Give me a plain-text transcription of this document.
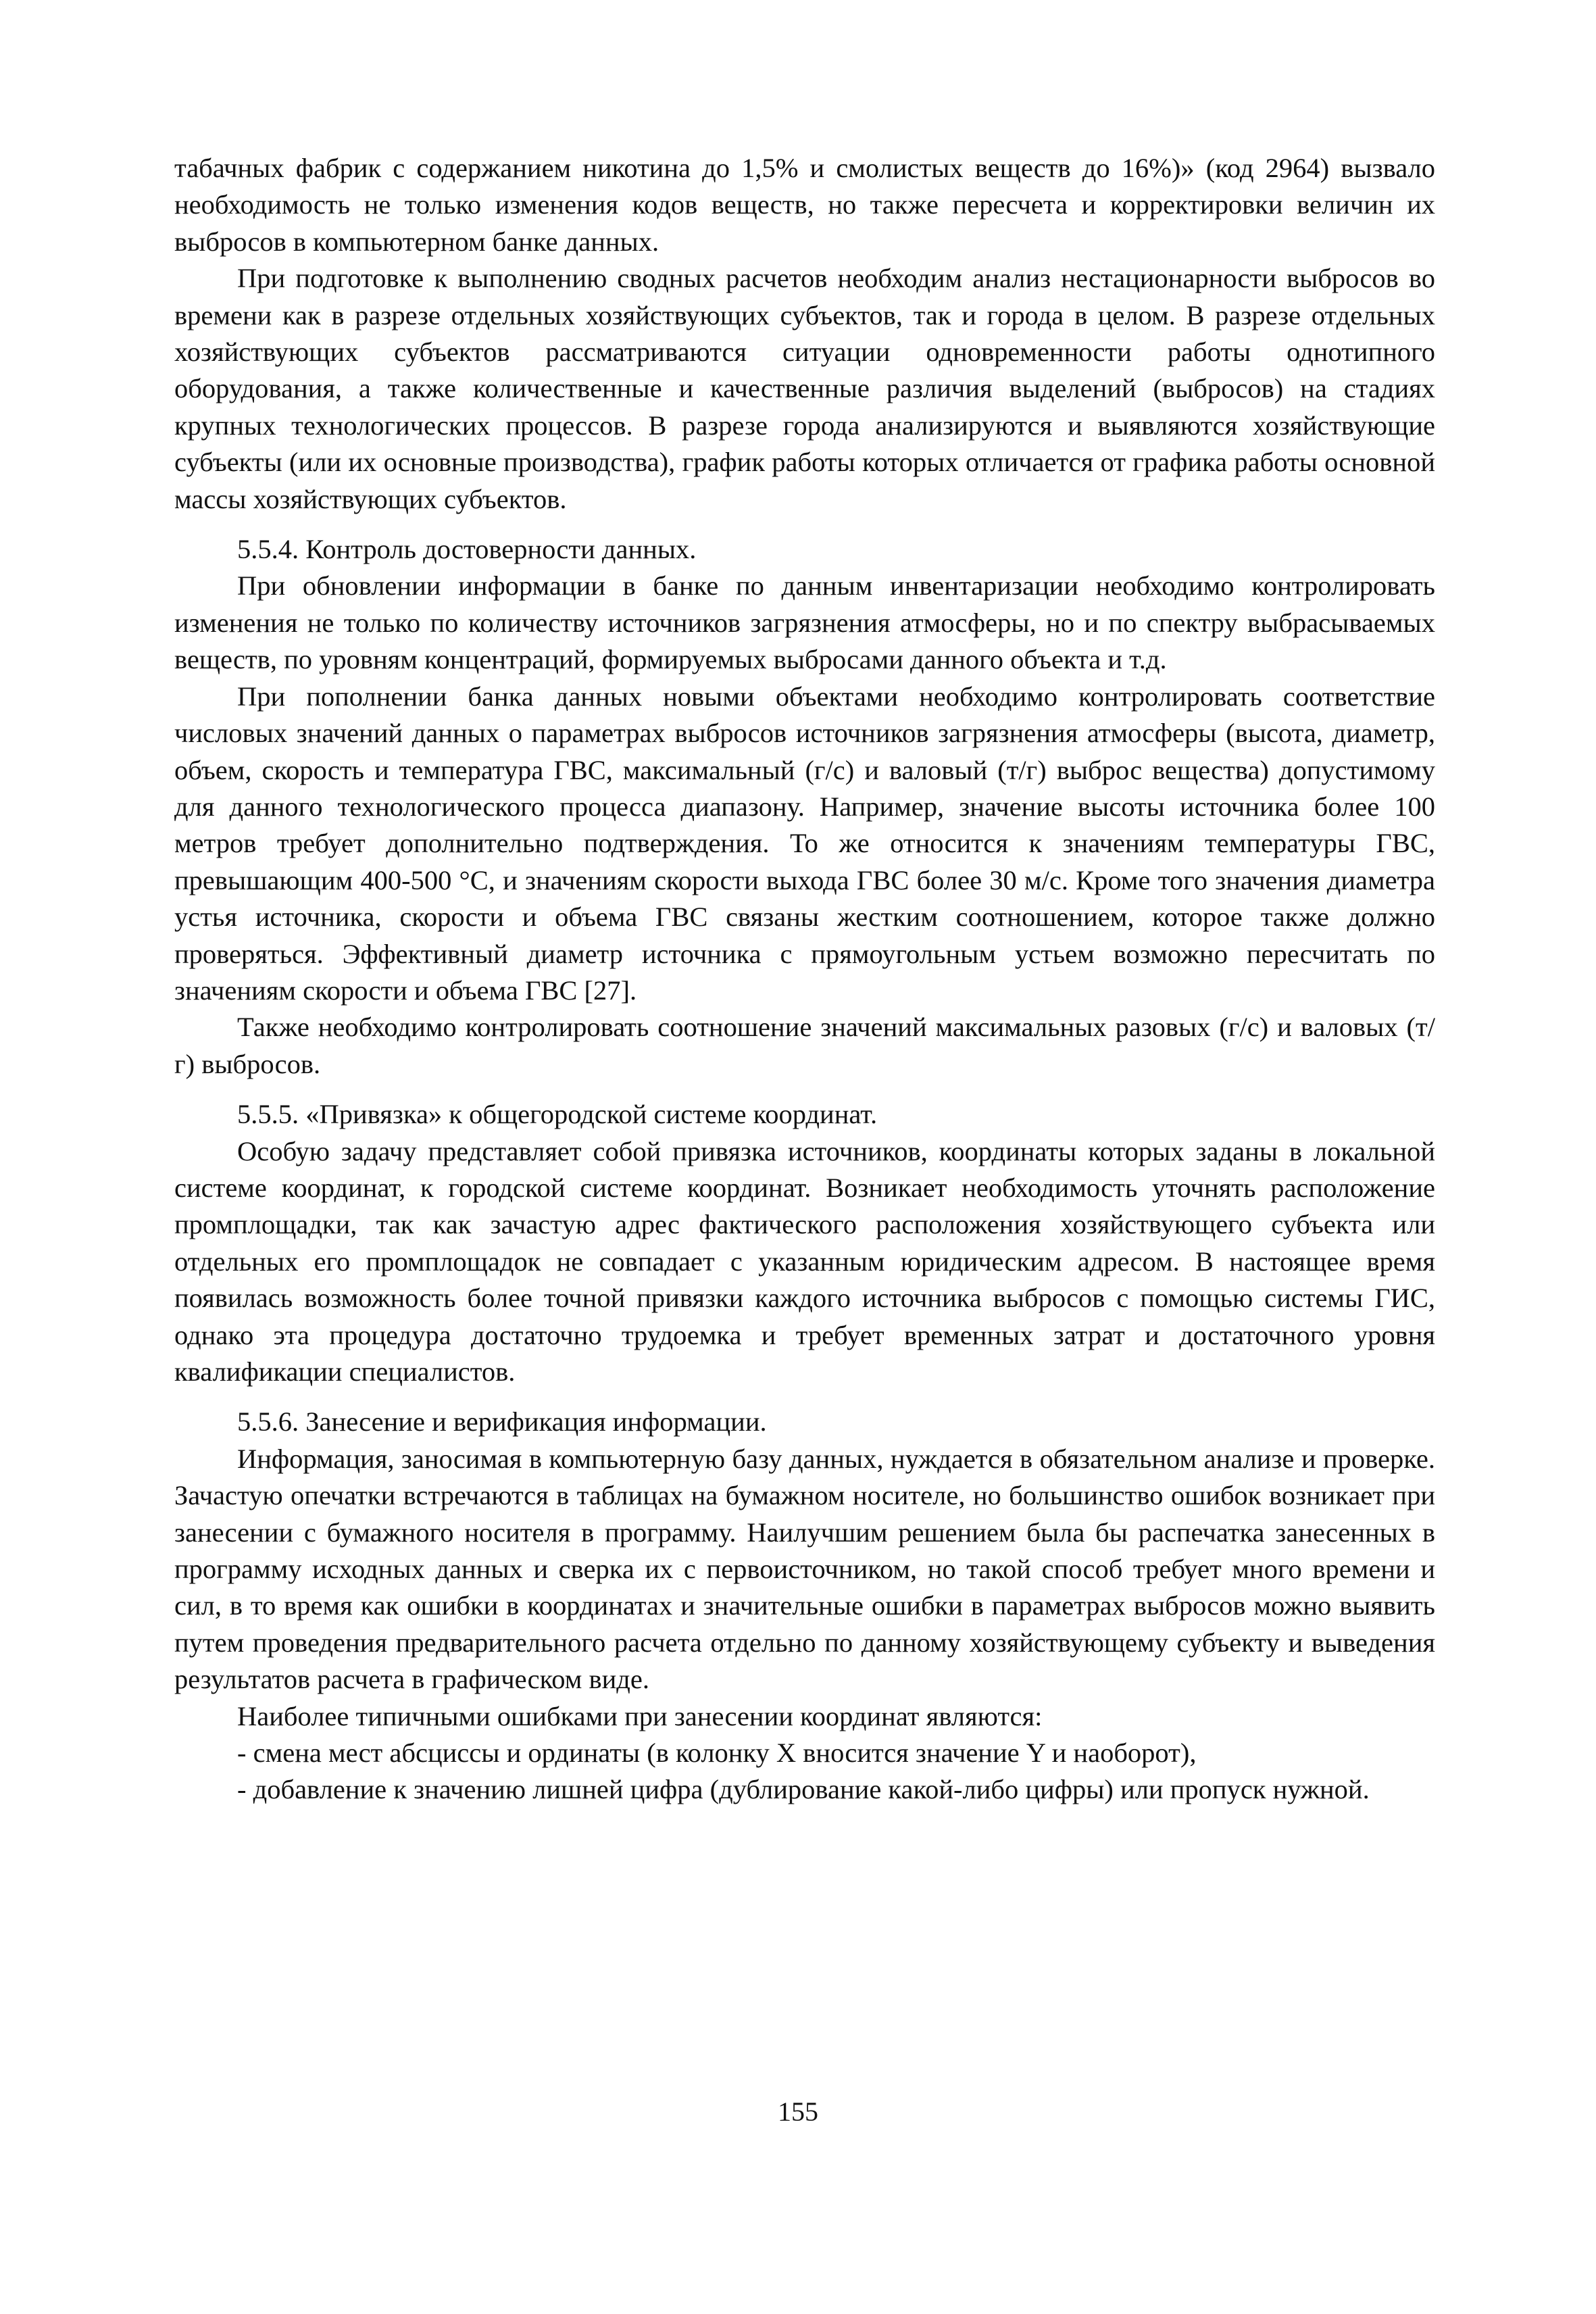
табачных фабрик с содержанием никотина до 1,5% и смолистых веществ до 16%)» (код 2964) вызвало необходимость не только изменения кодов веществ, но также пересчета и корректировки величин их выбросов в компьютерном банке данных.

При подготовке к выполнению сводных расчетов необходим анализ нестационарности выбросов во времени как в разрезе отдельных хозяйствующих субъектов, так и города в целом. В разрезе отдельных хозяйствующих субъектов рассматриваются ситуации одновременности работы однотипного оборудования, а также количественные и качественные различия выделений (выбросов) на стадиях крупных технологических процессов. В разрезе города анализируются и выявляются хозяйствующие субъекты (или их основные производства), график работы которых отличается от графика работы основной массы хозяйствующих субъектов.

5.5.4. Контроль достоверности данных.

При обновлении информации в банке по данным инвентаризации необходимо контролировать изменения не только по количеству источников загрязнения атмосферы, но и по спектру выбрасываемых веществ, по уровням концентраций, формируемых выбросами данного объекта и т.д.

При пополнении банка данных новыми объектами необходимо контролировать соответствие числовых значений данных о параметрах выбросов источников загрязнения атмосферы (высота, диаметр, объем, скорость и температура ГВС, максимальный (г/с) и валовый (т/г) выброс вещества) допустимому для данного технологического процесса диапазону. Например, значение высоты источника более 100 метров требует дополнительно подтверждения. То же относится к значениям температуры ГВС, превышающим 400-500 °С, и значениям скорости выхода ГВС более 30 м/с. Кроме того значения диаметра устья источника, скорости и объема ГВС связаны жестким соотношением, которое также должно проверяться. Эффективный диаметр источника с прямоугольным устьем возможно пересчитать по значениям скорости и объема ГВС [27].

Также необходимо контролировать соотношение значений максимальных разовых (г/с) и валовых (т/г) выбросов.

5.5.5. «Привязка» к общегородской системе координат.

Особую задачу представляет собой привязка источников, координаты которых заданы в локальной системе координат, к городской системе координат. Возникает необходимость уточнять расположение промплощадки, так как зачастую адрес фактического расположения хозяйствующего субъекта или отдельных его промплощадок не совпадает с указанным юридическим адресом. В настоящее время появилась возможность более точной привязки каждого источника выбросов с помощью системы ГИС, однако эта процедура достаточно трудоемка и требует временных затрат и достаточного уровня квалификации специалистов.

5.5.6. Занесение и верификация информации.

Информация, заносимая в компьютерную базу данных, нуждается в обязательном анализе и проверке. Зачастую опечатки встречаются в таблицах на бумажном носителе, но большинство ошибок возникает при занесении с бумажного носителя в программу. Наилучшим решением была бы распечатка занесенных в программу исходных данных и сверка их с первоисточником, но такой способ требует много времени и сил, в то время как ошибки в координатах и значительные ошибки в параметрах выбросов можно выявить путем проведения предварительного расчета отдельно по данному хозяйствующему субъекту и выведения результатов расчета в графическом виде.

Наиболее типичными ошибками при занесении координат являются:

- смена мест абсциссы и ординаты (в колонку X вносится значение Y и наоборот),

- добавление к значению лишней цифра (дублирование какой-либо цифры) или пропуск нужной.

155
